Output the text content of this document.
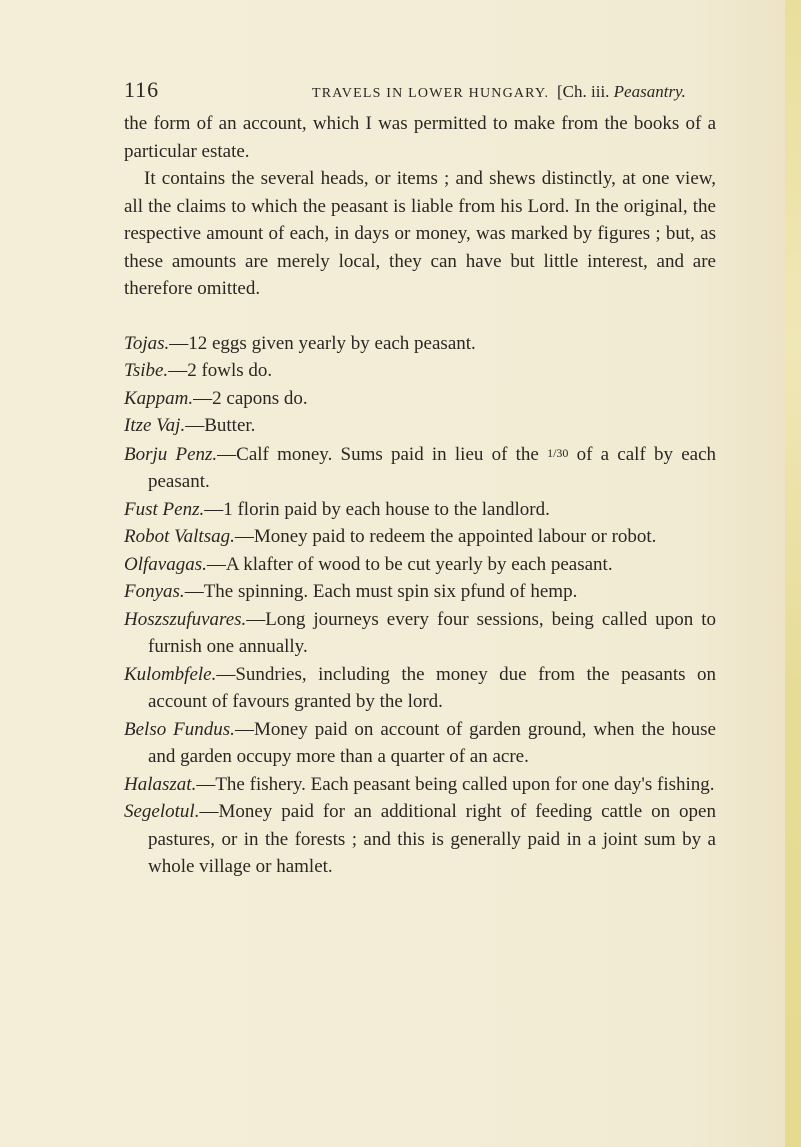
116	TRAVELS IN LOWER HUNGARY. [Ch. iii. Peasantry.

the form of an account, which I was permitted to make from the books of a particular estate.

It contains the several heads, or items ; and shews distinctly, at one view, all the claims to which the peasant is liable from his Lord. In the original, the respective amount of each, in days or money, was marked by figures ; but, as these amounts are merely local, they can have but little interest, and are therefore omitted.

Tojas.—12 eggs given yearly by each peasant.

Tsibe.—2 fowls do.

Kappam.—2 capons do.

Itze Vaj.—Butter.

Borju Penz.—Calf money. Sums paid in lieu of the 1/30 of a calf by each peasant.

Fust Penz.—1 florin paid by each house to the landlord.

Robot Valtsag.—Money paid to redeem the appointed labour or robot.

Olfavagas.—A klafter of wood to be cut yearly by each peasant.

Fonyas.—The spinning. Each must spin six pfund of hemp.

Hoszszufuvares.—Long journeys every four sessions, being called upon to furnish one annually.

Kulombfele.—Sundries, including the money due from the peasants on account of favours granted by the lord.

Belso Fundus.—Money paid on account of garden ground, when the house and garden occupy more than a quarter of an acre.

Halaszat.—The fishery. Each peasant being called upon for one day's fishing.

Segelotul.—Money paid for an additional right of feeding cattle on open pastures, or in the forests ; and this is generally paid in a joint sum by a whole village or hamlet.
